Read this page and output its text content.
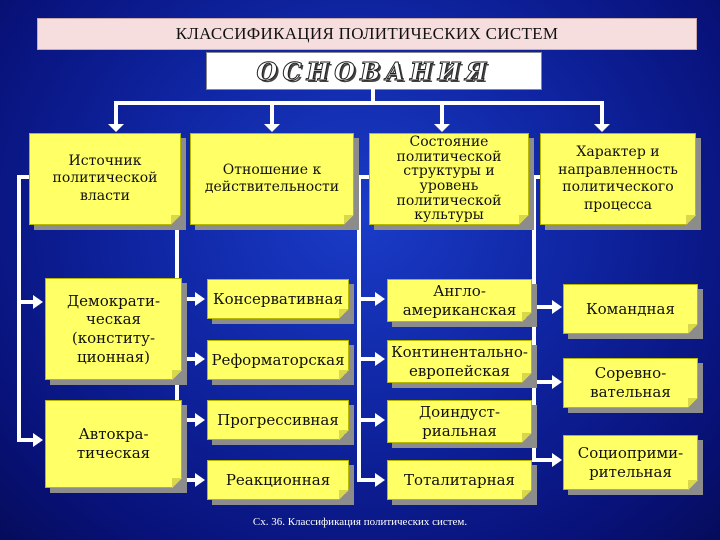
КЛАССИФИКАЦИЯ ПОЛИТИЧЕСКИХ СИСТЕМ
ОСНОВАНИЯ
Источник политической власти
Отношение к действительности
Состояние политической структуры и уровень политической культуры
Характер и направленность политического процесса
Демократи-ческая (конститу-ционная)
Автокра-тическая
Консервативная
Реформаторская
Прогрессивная
Реакционная
Англо-американская
Континентально-европейская
Доиндуст-риальная
Тоталитарная
Командная
Соревно-вательная
Социоприми-рительная
Сх. 36. Классификация политических систем.
